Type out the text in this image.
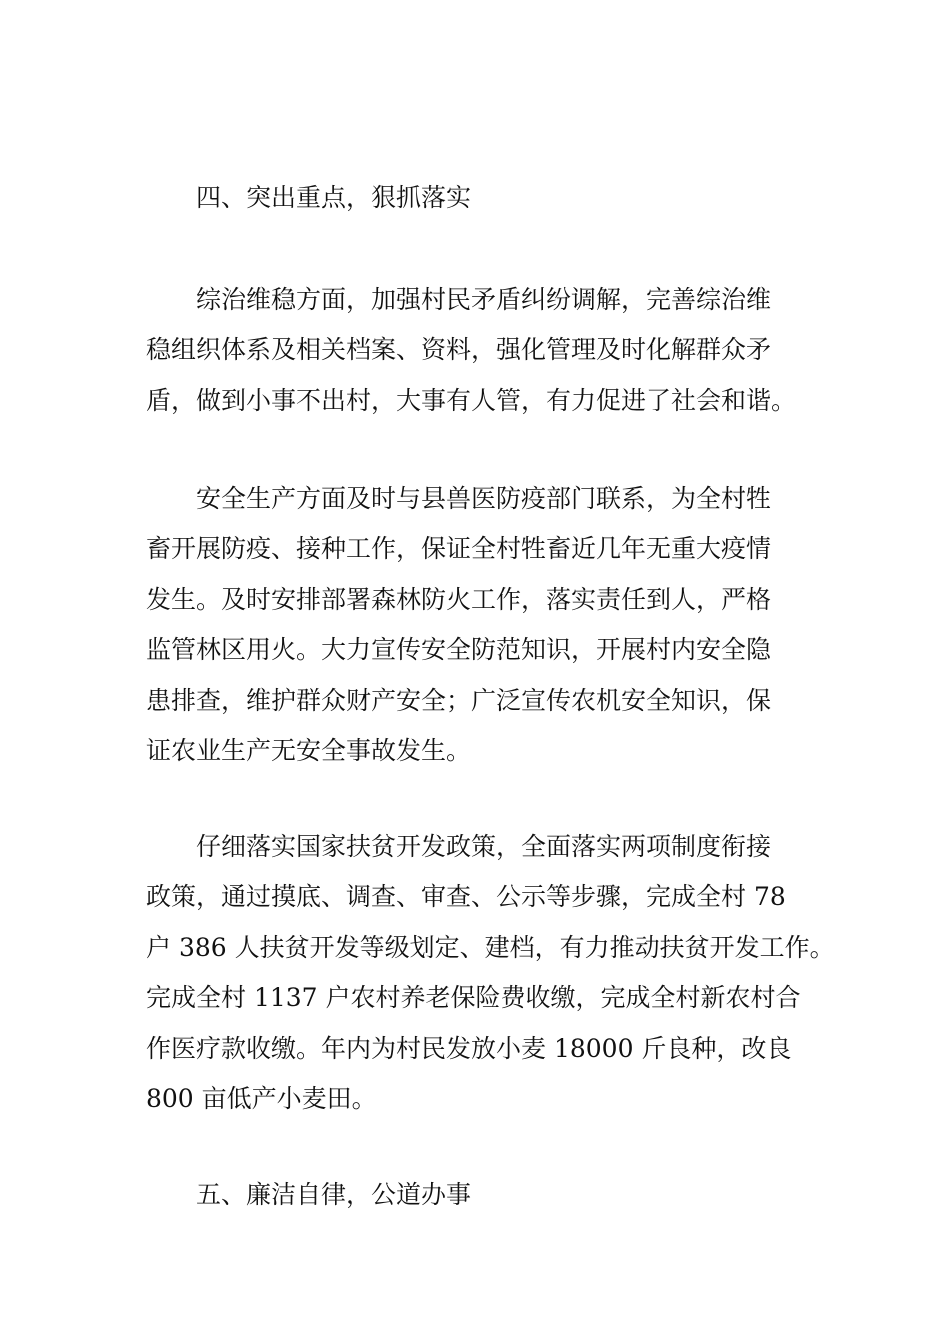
四、突出重点，狠抓落实
综治维稳方面，加强村民矛盾纠纷调解，完善综治维
稳组织体系及相关档案、资料，强化管理及时化解群众矛
盾，做到小事不出村，大事有人管，有力促进了社会和谐。
安全生产方面及时与县兽医防疫部门联系，为全村牲
畜开展防疫、接种工作，保证全村牲畜近几年无重大疫情
发生。及时安排部署森林防火工作，落实责任到人，严格
监管林区用火。大力宣传安全防范知识，开展村内安全隐
患排查，维护群众财产安全；广泛宣传农机安全知识，保
证农业生产无安全事故发生。
仔细落实国家扶贫开发政策，全面落实两项制度衔接
政策，通过摸底、调查、审查、公示等步骤，完成全村 78
户 386 人扶贫开发等级划定、建档，有力推动扶贫开发工作。
完成全村 1137 户农村养老保险费收缴，完成全村新农村合
作医疗款收缴。年内为村民发放小麦 18000 斤良种，改良
800 亩低产小麦田。
五、廉洁自律，公道办事
